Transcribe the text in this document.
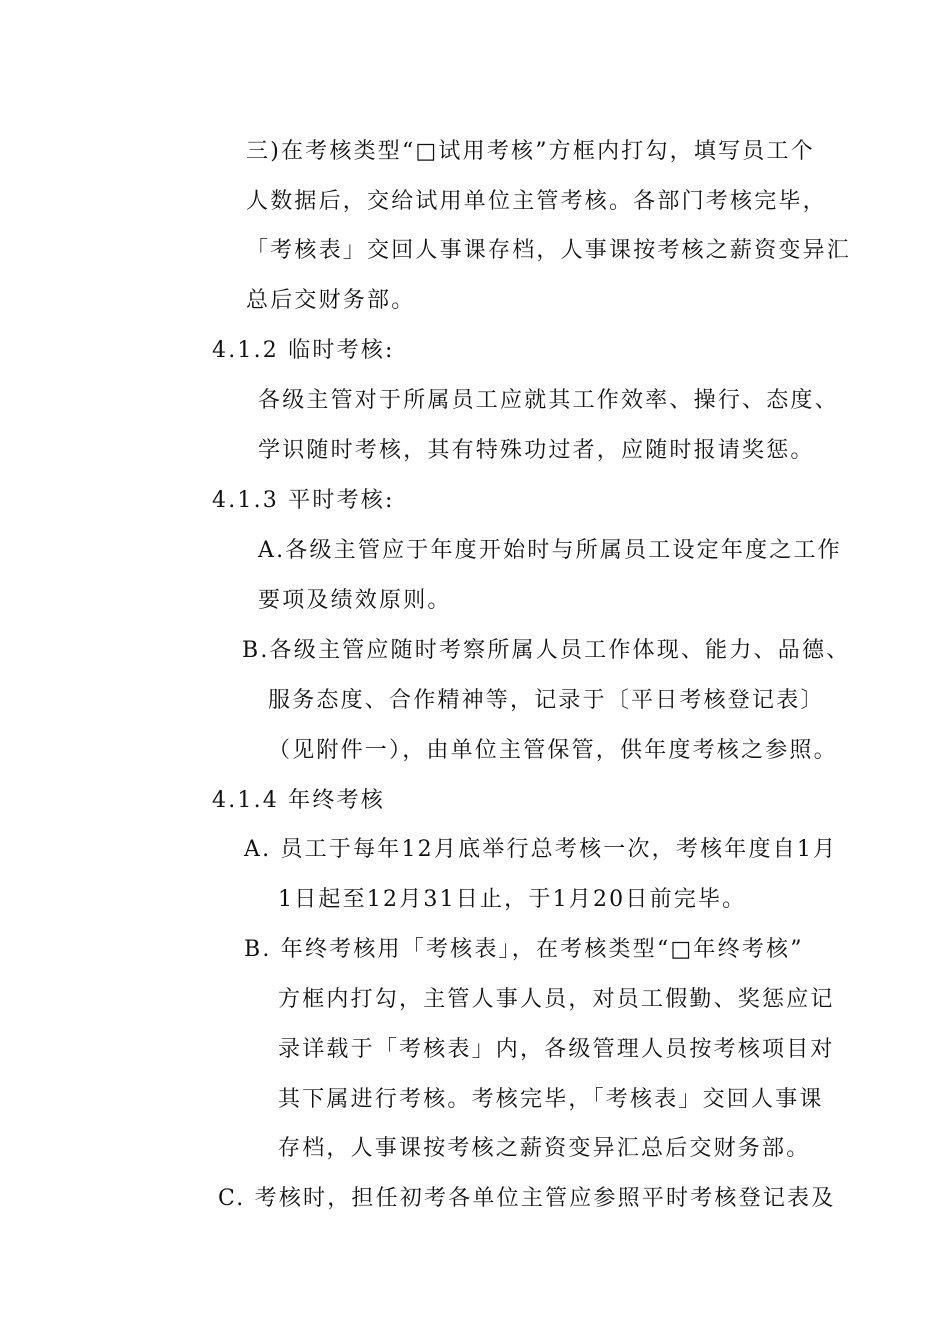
三)在考核类型“□试用考核”方框内打勾，填写员工个
人数据后，交给试用单位主管考核。各部门考核完毕，
「考核表」交回人事课存档，人事课按考核之薪资变异汇
总后交财务部。
4.1.2 临时考核:
各级主管对于所属员工应就其工作效率、操行、态度、
学识随时考核，其有特殊功过者，应随时报请奖惩。
4.1.3 平时考核:
A.各级主管应于年度开始时与所属员工设定年度之工作
要项及绩效原则。
B.各级主管应随时考察所属人员工作体现、能力、品德、
服务态度、合作精神等，记录于〔平日考核登记表〕
（见附件一），由单位主管保管，供年度考核之参照。
4.1.4 年终考核
A. 员工于每年12月底举行总考核一次，考核年度自1月
1日起至12月31日止，于1月20日前完毕。
B. 年终考核用「考核表」，在考核类型“□年终考核”
方框内打勾，主管人事人员，对员工假勤、奖惩应记
录详载于「考核表」内，各级管理人员按考核项目对
其下属进行考核。考核完毕，「考核表」交回人事课
存档，人事课按考核之薪资变异汇总后交财务部。
C. 考核时，担任初考各单位主管应参照平时考核登记表及
